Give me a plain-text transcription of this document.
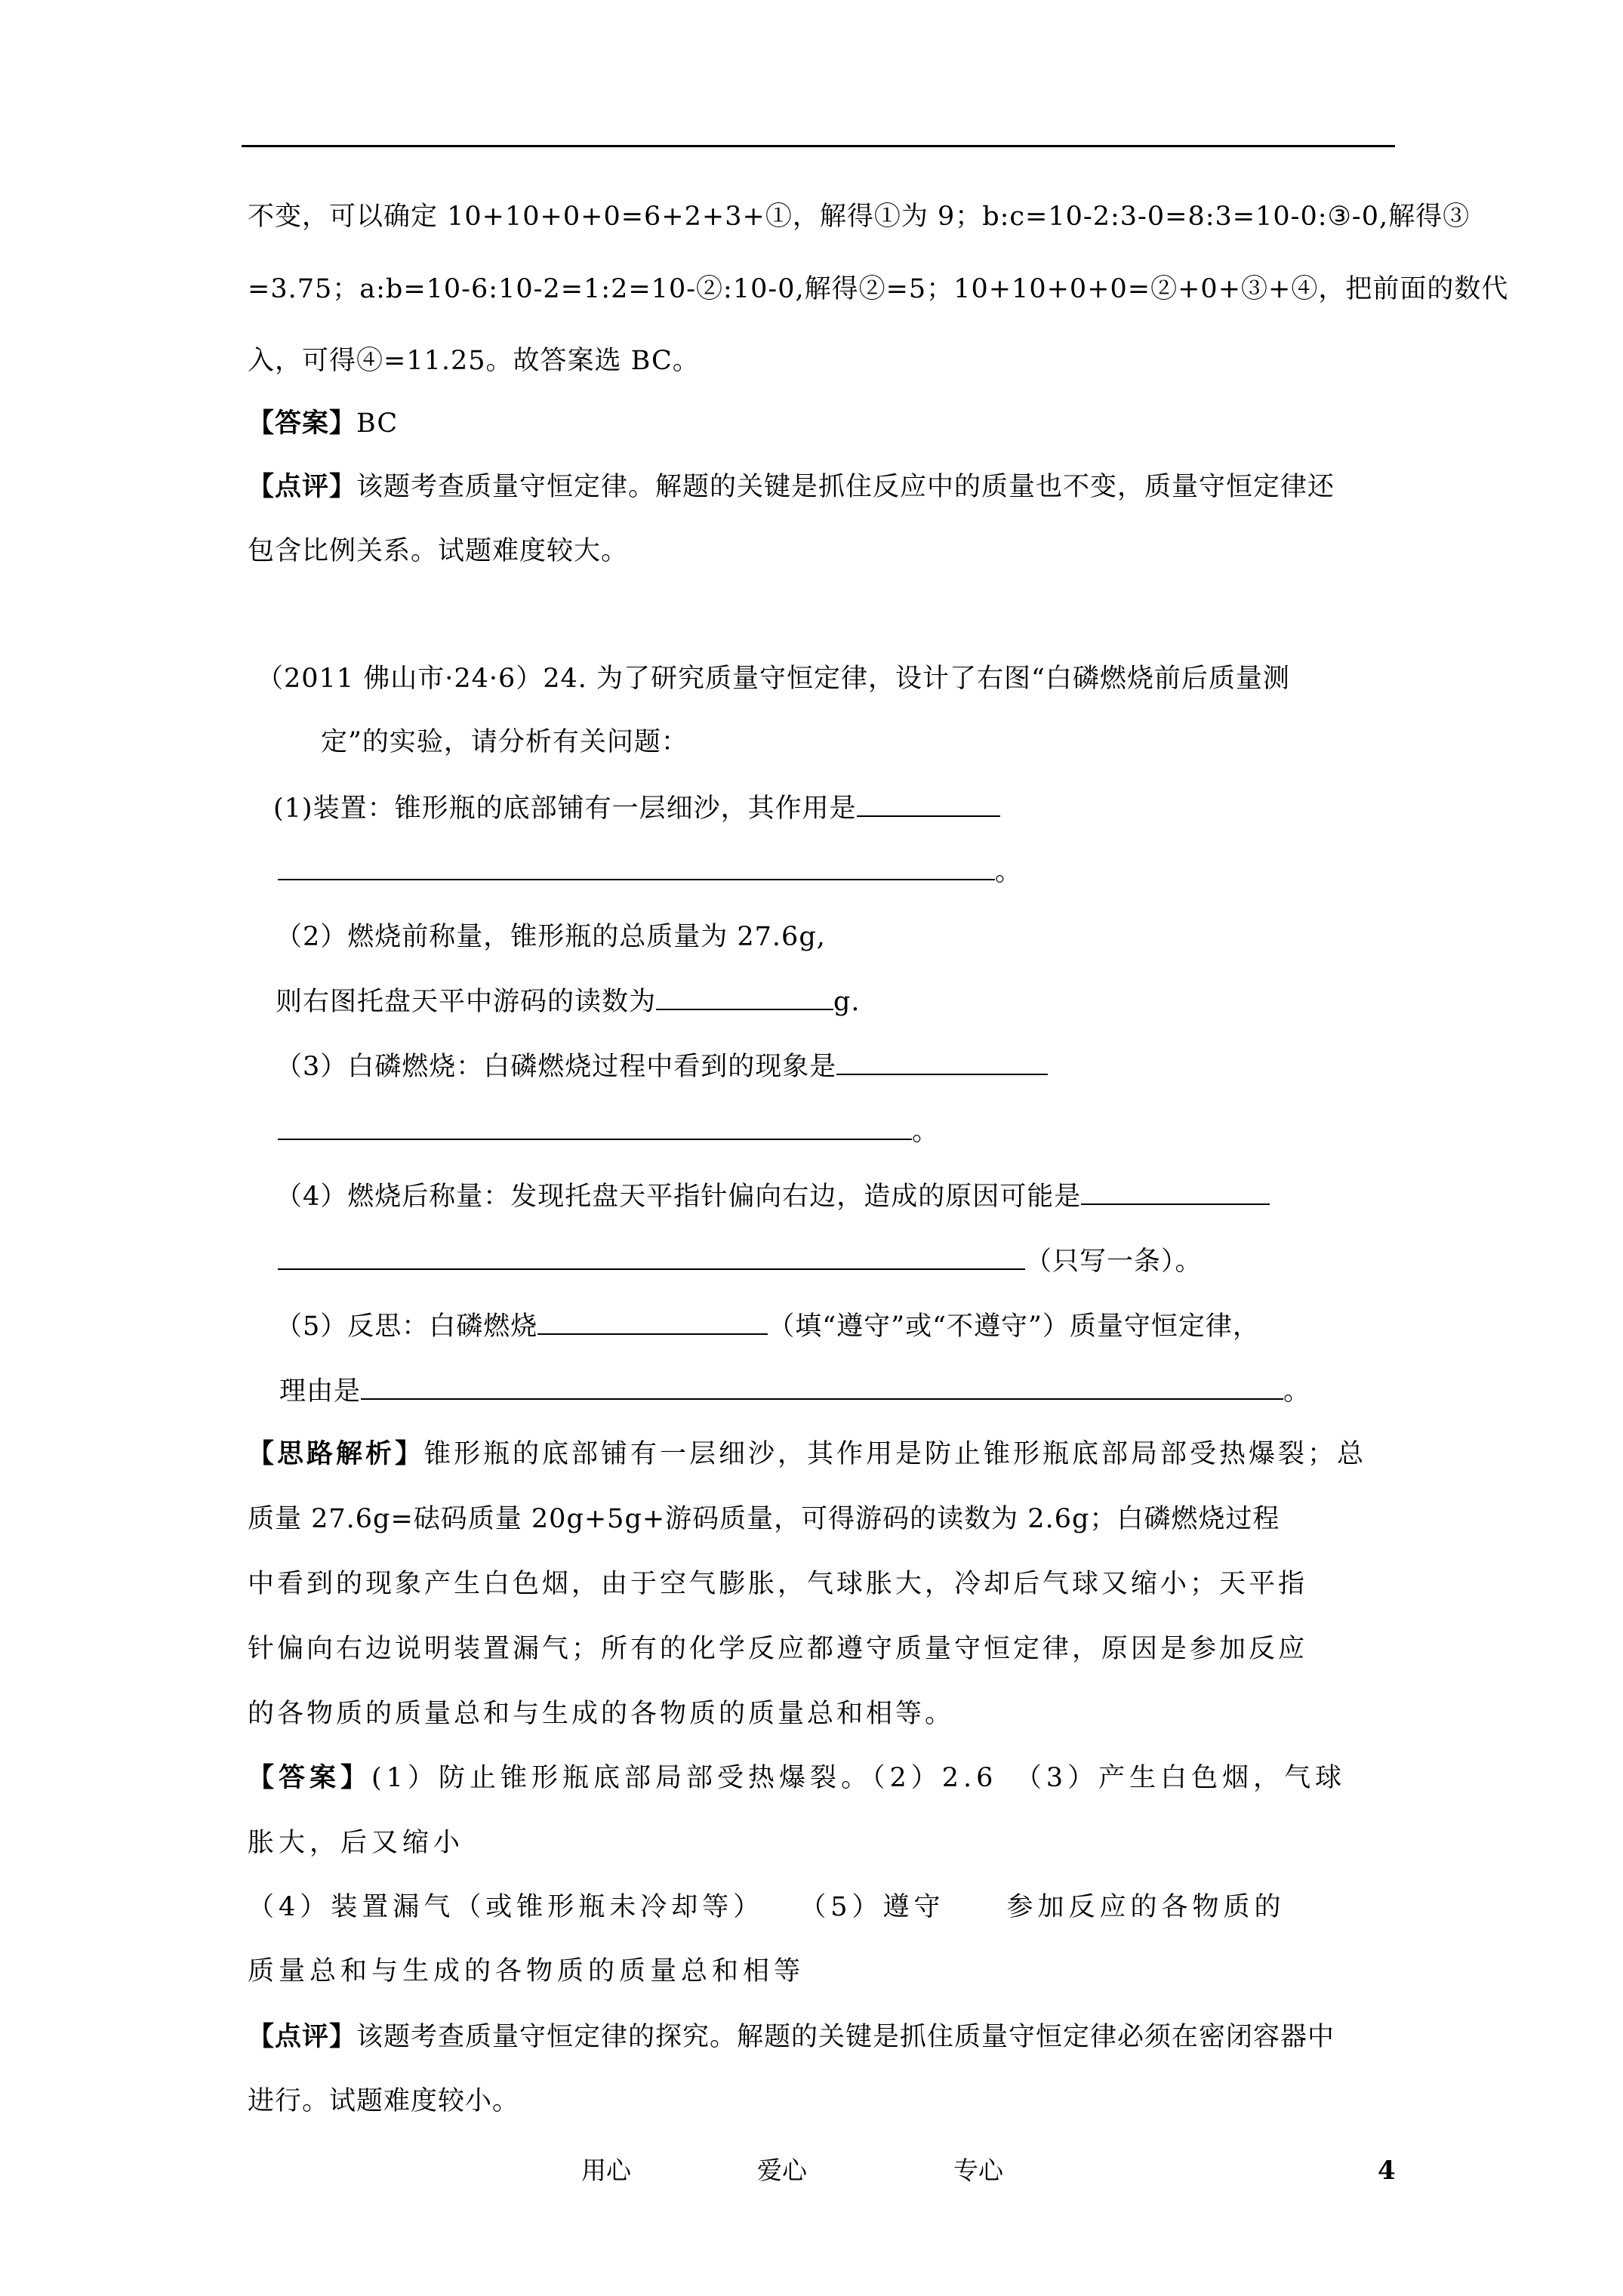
不变，可以确定 10+10+0+0=6+2+3+①，解得①为 9；b:c=10-2:3-0=8:3=10-0:③-0,解得③
=3.75；a:b=10-6:10-2=1:2=10-②:10-0,解得②=5；10+10+0+0=②+0+③+④，把前面的数代
入，可得④=11.25。故答案选 BC。
【答案】BC
【点评】该题考查质量守恒定律。解题的关键是抓住反应中的质量也不变，质量守恒定律还
包含比例关系。试题难度较大。
（2011 佛山市·24·6）24. 为了研究质量守恒定律，设计了右图“白磷燃烧前后质量测
定”的实验，请分析有关问题：
(1)装置：锥形瓶的底部铺有一层细沙，其作用是
。
（2）燃烧前称量，锥形瓶的总质量为 27.6g,
则右图托盘天平中游码的读数为	g.
（3）白磷燃烧：白磷燃烧过程中看到的现象是
。
（4）燃烧后称量：发现托盘天平指针偏向右边，造成的原因可能是
（只写一条）。
（5）反思：白磷燃烧	（填“遵守”或“不遵守”）质量守恒定律，
理由是	。
【思路解析】锥形瓶的底部铺有一层细沙，其作用是防止锥形瓶底部局部受热爆裂；总
质量 27.6g=砝码质量 20g+5g+游码质量，可得游码的读数为 2.6g；白磷燃烧过程
中看到的现象产生白色烟，由于空气膨胀，气球胀大，冷却后气球又缩小；天平指
针偏向右边说明装置漏气；所有的化学反应都遵守质量守恒定律，原因是参加反应
的各物质的质量总和与生成的各物质的质量总和相等。
【答案】(1）防止锥形瓶底部局部受热爆裂。（2）2.6　（3）产生白色烟，气球
胀大，后又缩小
（4）装置漏气（或锥形瓶未冷却等）　　（5）遵守　　参加反应的各物质的
质量总和与生成的各物质的质量总和相等
【点评】该题考查质量守恒定律的探究。解题的关键是抓住质量守恒定律必须在密闭容器中
进行。试题难度较小。
用心	爱心	专心	4
